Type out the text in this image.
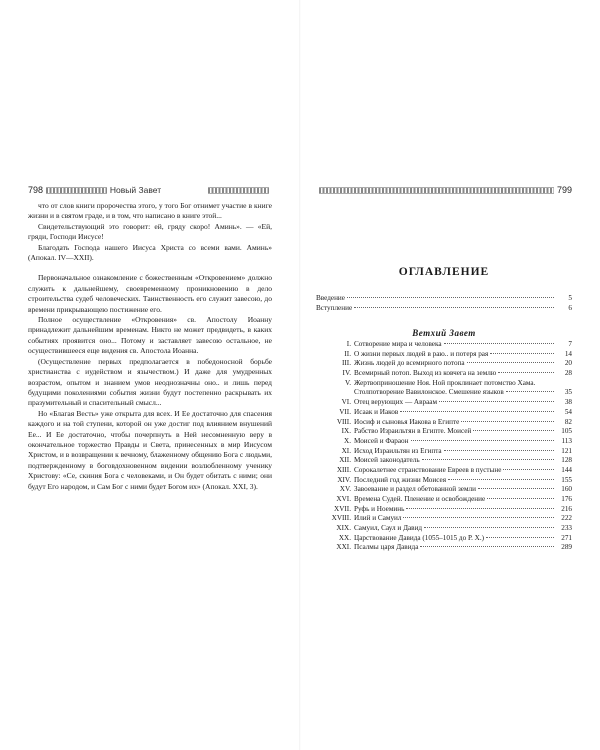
798	Новый Завет

что от слов книги пророчества этого, у того Бог отнимет участие в книге жизни и в святом граде, и в том, что написано в книге этой...

Свидетельствующий это говорит: ей, гряду скоро! Аминь». — «Ей, гряди, Господи Иисусе!

Благодать Господа нашего Иисуса Христа со всеми вами. Аминь» (Апокал. IV—XXII).

Первоначальное ознакомление с божественным «Откровением» должно служить к дальнейшему, своевременному проникновению в дело строительства судеб человеческих. Таинственность его служит завесою, до времени прикрывающею постижение его.

Полное осуществление «Откровения» св. Апостолу Иоанну принадлежит дальнейшим временам. Никто не может предвидеть, в каких событиях проявится оно... Потому и заставляет завесою остальное, не осуществившееся еще видения св. Апостола Иоанна.

(Осуществление первых предполагается в победоносной борьбе христианства с иудейством и язычеством.) И даже для умудренных возрастом, опытом и знанием умов неоднозначны оно.. и лишь перед будущими поколениями события жизни будут постепенно раскрывать их празумительный и спасительный смысл...

Но «Благая Весть» уже открыта для всех. И Ее достаточно для спасения каждого и на той ступени, которой он уже достиг под влиянием внушений Ее... И Ее достаточно, чтобы почерпнуть в Ней несомненную веру в окончательное торжество Правды и Света, принесенных в мир Иисусом Христом, и в возвращении к вечному, блаженному общению Бога с людьми, подтвержденному в боговдохновенном видении возлюбленному ученику Христову: «Се, скиния Бога с человеками, и Он будет обитать с ними; они будут Его народом, и Сам Бог с ними будет Богом их» (Апокал. XXI, 3).

799
ОГЛАВЛЕНИЕ
Введение	5
Вступление	6
Ветхий Завет
I. Сотворение мира и человека	7
II. О жизни первых людей в раю.. и потеря рая	14
III. Жизнь людей до всемирного потопа	20
IV. Всемирный потоп. Выход из ковчега на землю	28
V. Жертвоприношение Ноя. Ной проклинает потомство Хама.
Столпотворение Вавилонское. Смешение языков	35
VI. Отец верующих — Авраам	38
VII. Исаак и Иаков	54
VIII. Иосиф и сыновья Иакова в Египте	82
IX. Рабство Израильтян в Египте. Моисей	105
X. Моисей и Фараон	113
XI. Исход Израильтян из Египта	121
XII. Моисей законодатель	128
XIII. Сорокалетнее странствование Евреев в пустыне	144
XIV. Последний год жизни Моисея	155
XV. Завоевание и раздел обетованной земли	160
XVI. Времена Судей. Пленение и освобождение	176
XVII. Руфь и Ноеминь	216
XVIII. Илий и Самуил	222
XIX. Самуил, Саул и Давид	233
XX. Царствование Давида (1055–1015 до Р. Х.)	271
XXI. Псалмы царя Давида	289
